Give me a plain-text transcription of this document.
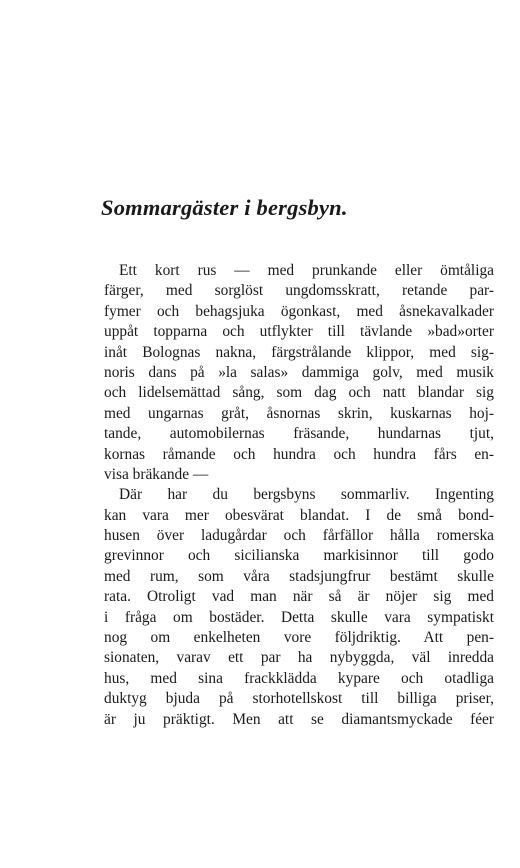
Sommargäster i bergsbyn.
Ett kort rus — med prunkande eller ömtåliga
färger, med sorglöst ungdomsskratt, retande par-
fymer och behagsjuka ögonkast, med åsnekavalkader
uppåt topparna och utflykter till tävlande »bad»orter
inåt Bolognas nakna, färgstrålande klippor, med sig-
noris dans på »la salas» dammiga golv, med musik
och lidelsemättad sång, som dag och natt blandar sig
med ungarnas gråt, åsnornas skrin, kuskarnas hoj-
tande, automobilernas fräsande, hundarnas tjut,
kornas råmande och hundra och hundra fårs en-
visa bräkande —
Där har du bergsbyns sommarliv. Ingenting
kan vara mer obesvärat blandat. I de små bond-
husen över ladugårdar och fårfällor hålla romerska
grevinnor och sicilianska markisinnor till godo
med rum, som våra stadsjungfrur bestämt skulle
rata. Otroligt vad man när så är nöjer sig med
i fråga om bostäder. Detta skulle vara sympatiskt
nog om enkelheten vore följdriktig. Att pen-
sionaten, varav ett par ha nybyggda, väl inredda
hus, med sina frackklädda kypare och otadliga
duktyg bjuda på storhotellskost till billiga priser,
är ju präktigt. Men att se diamantsmyckade féer
